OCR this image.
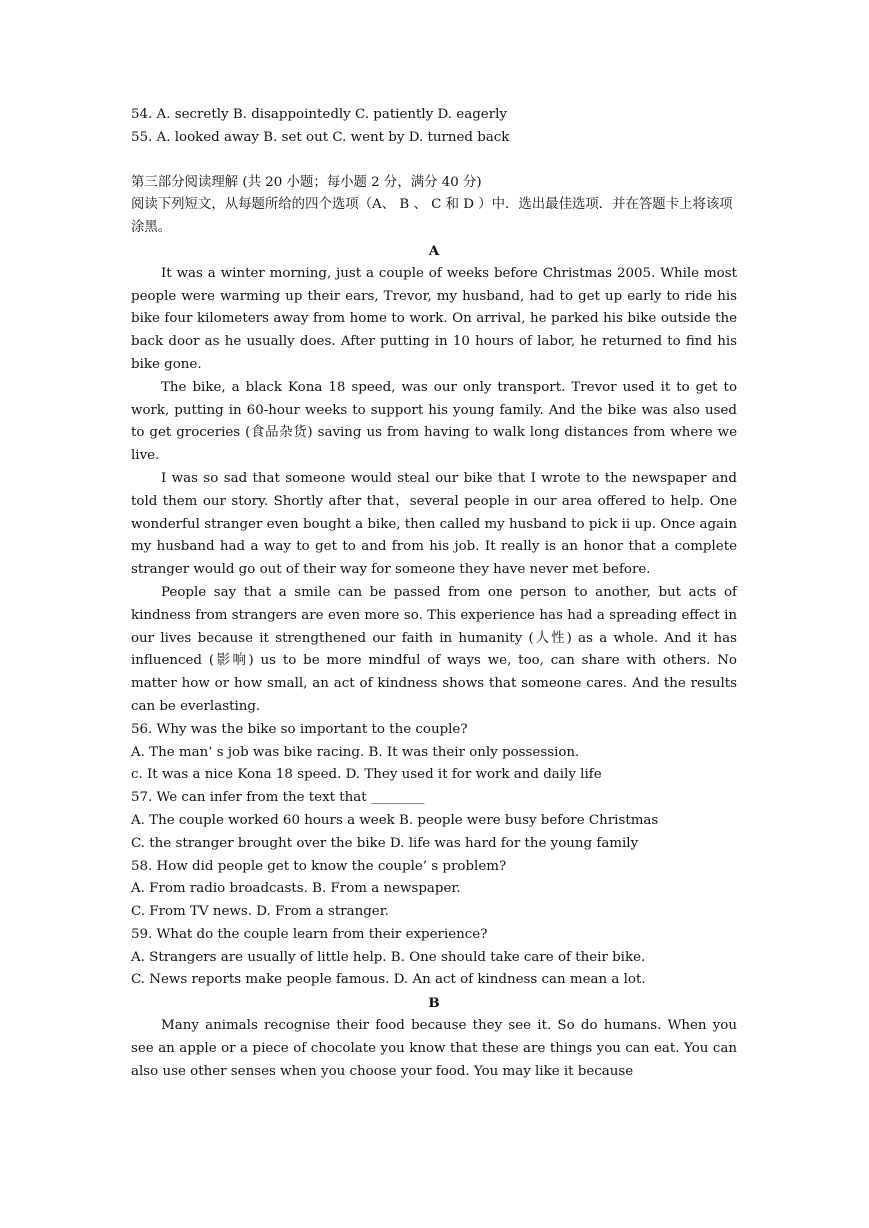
54. A. secretly B. disappointedly C. patiently D. eagerly
55. A. looked away B. set out C. went by D. turned back
第三部分阅读理解 (共 20 小题；每小题 2 分，满分 40 分)
阅读下列短文，从每题所给的四个选项（A、 B 、 C 和 D ）中．选出最佳选项．并在答题卡上将该项涂黑。
A

It was a winter morning, just a couple of weeks before Christmas 2005. While most people were warming up their ears, Trevor, my husband, had to get up early to ride his bike four kilometers away from home to work. On arrival, he parked his bike outside the back door as he usually does. After putting in 10 hours of labor, he returned to find his bike gone.

The bike, a black Kona 18 speed, was our only transport. Trevor used it to get to work, putting in 60-hour weeks to support his young family. And the bike was also used to get groceries (食品杂货) saving us from having to walk long distances from where we live.

I was so sad that someone would steal our bike that I wrote to the newspaper and told them our story. Shortly after that，several people in our area offered to help. One wonderful stranger even bought a bike, then called my husband to pick ii up. Once again my husband had a way to get to and from his job. It really is an honor that a complete stranger would go out of their way for someone they have never met before.

People say that a smile can be passed from one person to another, but acts of kindness from strangers are even more so. This experience has had a spreading effect in our lives because it strengthened our faith in humanity (人性) as a whole. And it has influenced (影响) us to be more mindful of ways we, too, can share with others. No matter how or how small, an act of kindness shows that someone cares. And the results can be everlasting.

56. Why was the bike so important to the couple?
A. The man’ s job was bike racing. B. It was their only possession.
c. It was a nice Kona 18 speed. D. They used it for work and daily life
57. We can infer from the text that ________
A. The couple worked 60 hours a week B. people were busy before Christmas
C. the stranger brought over the bike D. life was hard for the young family
58. How did people get to know the couple’ s problem?
A. From radio broadcasts. B. From a newspaper.
C. From TV news. D. From a stranger.
59. What do the couple learn from their experience?
A. Strangers are usually of little help. B. One should take care of their bike.
C. News reports make people famous. D. An act of kindness can mean a lot.
B

Many animals recognise their food because they see it. So do humans. When you see an apple or a piece of chocolate you know that these are things you can eat. You can also use other senses when you choose your food. You may like it because
